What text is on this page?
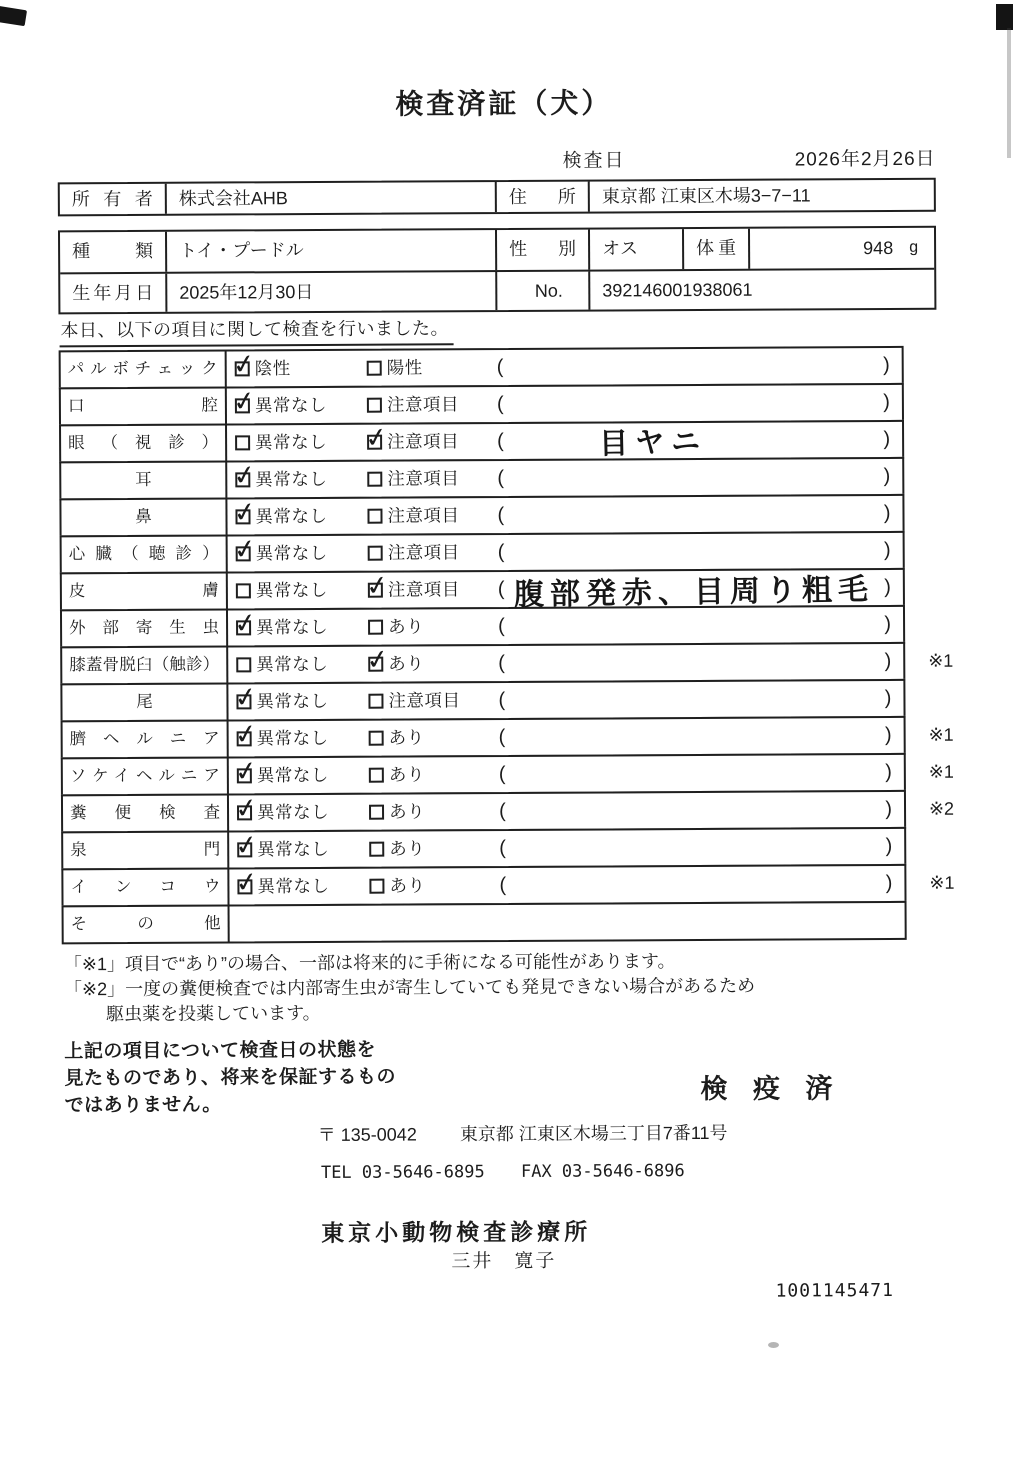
検査済証（犬）
検査日	2026年2月26日
所有者	株式会社AHB	住所	東京都 江東区木場3−7−11
種類	トイ・プードル	性別	オス	体重	948 g
生年月日	2025年12月30日	No.	392146001938061
本日、以下の項目に関して検査を行いました。
パルボチェック ✓	陰性	陽性	(	)
口腔 ✓	異常なし	注意項目 (	)
眼（視診）	異常なし ✓	注意項目 (	目ヤニ	)
耳 ✓	異常なし	注意項目 (	)
鼻 ✓	異常なし	注意項目 (	)
心臓（聴診） ✓	異常なし	注意項目 (	)
皮膚	異常なし ✓	注意項目 ( 腹部発赤、目周り粗毛 )
外部寄生虫 ✓	異常なし	あり	(	)
膝蓋骨脱臼（触診）	異常なし ✓	あり	(	) ※1
尾 ✓	異常なし	注意項目 (	)
臍ヘルニア ✓	異常なし	あり	(	) ※1
ソケイヘルニア ✓	異常なし	あり	(	) ※1
糞便検査 ✓	異常なし	あり	(	) ※2
泉門 ✓	異常なし	あり	(	)
インコウ ✓	異常なし	あり	(	) ※1
その他
「※1」項目で“あり”の場合、一部は将来的に手術になる可能性があります。
「※2」一度の糞便検査では内部寄生虫が寄生していても発見できない場合があるため
駆虫薬を投薬しています。
上記の項目について検査日の状態を
見たものであり、将来を保証するもの
ではありません。
検 疫 済
〒 135-0042 東京都 江東区木場三丁目7番11号
TEL 03-5646-6895 FAX 03-5646-6896
東京小動物検査診療所
三井　寛子
1001145471
